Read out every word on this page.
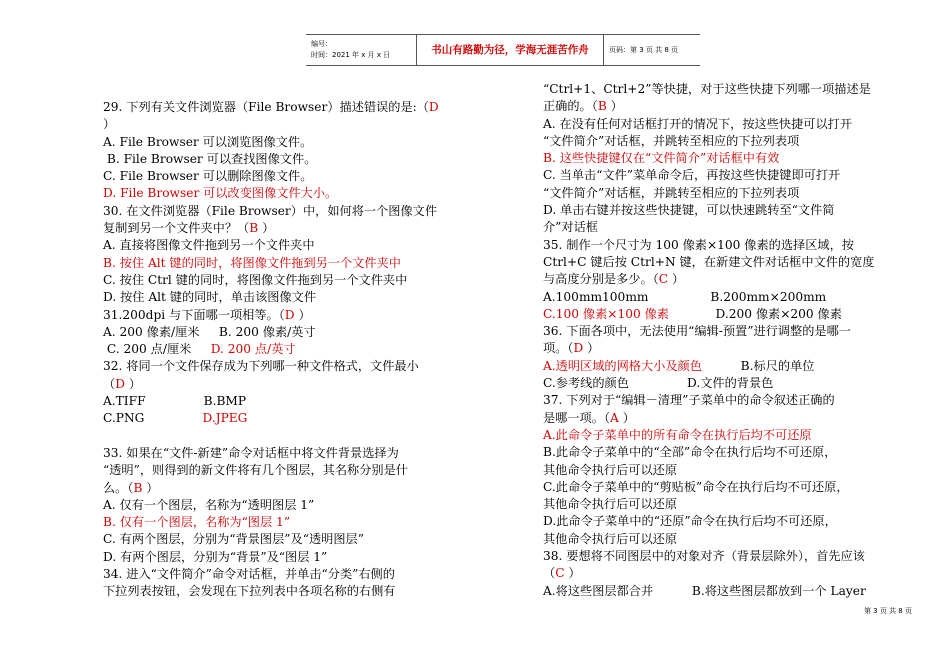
编号：
时间：2021 年 x 月 x 日	书山有路勤为径，学海无涯苦作舟	页码：第 3 页 共 8 页
29. 下列有关文件浏览器（File Browser）描述错误的是:（D
）
A. File Browser 可以浏览图像文件。
B. File Browser 可以查找图像文件。
C. File Browser 可以删除图像文件。
D. File Browser 可以改变图像文件大小。
30. 在文件浏览器（File Browser）中，如何将一个图像文件
复制到另一个文件夹中？（B ）
A. 直接将图像文件拖到另一个文件夹中
B. 按住 Alt 键的同时，将图像文件拖到另一个文件夹中
C. 按住 Ctrl 键的同时，将图像文件拖到另一个文件夹中
D. 按住 Alt 键的同时，单击该图像文件
31.200dpi 与下面哪一项相等。（D ）
A. 200 像素/厘米     B. 200 像素/英寸
C. 200 点/厘米     D. 200 点/英寸
32. 将同一个文件保存成为下列哪一种文件格式，文件最小
（D ）
A.TIFF               B.BMP
C.PNG               D.JPEG
33. 如果在“文件-新建”命令对话框中将文件背景选择为
“透明”，则得到的新文件将有几个图层，其名称分别是什
么。（B ）
A. 仅有一个图层，名称为“透明图层 1”
B. 仅有一个图层，名称为“图层 1”
C. 有两个图层，分别为“背景图层”及“透明图层”
D. 有两个图层，分别为“背景”及“图层 1”
34. 进入“文件简介”命令对话框，并单击“分类”右侧的
下拉列表按钮，会发现在下拉列表中各项名称的右侧有
“Ctrl+1、Ctrl+2”等快捷，对于这些快捷下列哪一项描述是
正确的。（B ）
A. 在没有任何对话框打开的情况下，按这些快捷可以打开
“文件简介”对话框，并跳转至相应的下拉列表项
B. 这些快捷键仅在“文件简介”对话框中有效
C. 当单击“文件”菜单命令后，再按这些快捷键即可打开
“文件简介”对话框，并跳转至相应的下拉列表项
D. 单击右键并按这些快捷键，可以快速跳转至“文件简
介”对话框
35. 制作一个尺寸为 100 像素×100 像素的选择区域，按
Ctrl+C 键后按 Ctrl+N 键，在新建文件对话框中文件的宽度
与高度分别是多少。（C ）
A.100mm100mm                B.200mm×200mm
C.100 像素×100 像素            D.200 像素×200 像素
36. 下面各项中，无法使用“编辑-预置”进行调整的是哪一
项。（D ）
A.透明区域的网格大小及颜色          B.标尺的单位
C.参考线的颜色               D.文件的背景色
37. 下列对于“编辑－清理”子菜单中的命令叙述正确的
是哪一项。（A ）
A.此命令子菜单中的所有命令在执行后均不可还原
B.此命令子菜单中的“全部”命令在执行后均不可还原，
其他命令执行后可以还原
C.此命令子菜单中的“剪贴板”命令在执行后均不可还原，
其他命令执行后可以还原
D.此命令子菜单中的“还原”命令在执行后均不可还原，
其他命令执行后可以还原
38. 要想将不同图层中的对象对齐（背景层除外），首先应该
（C ）
A.将这些图层都合并          B.将这些图层都放到一个 Layer
第 3 页 共 8 页
